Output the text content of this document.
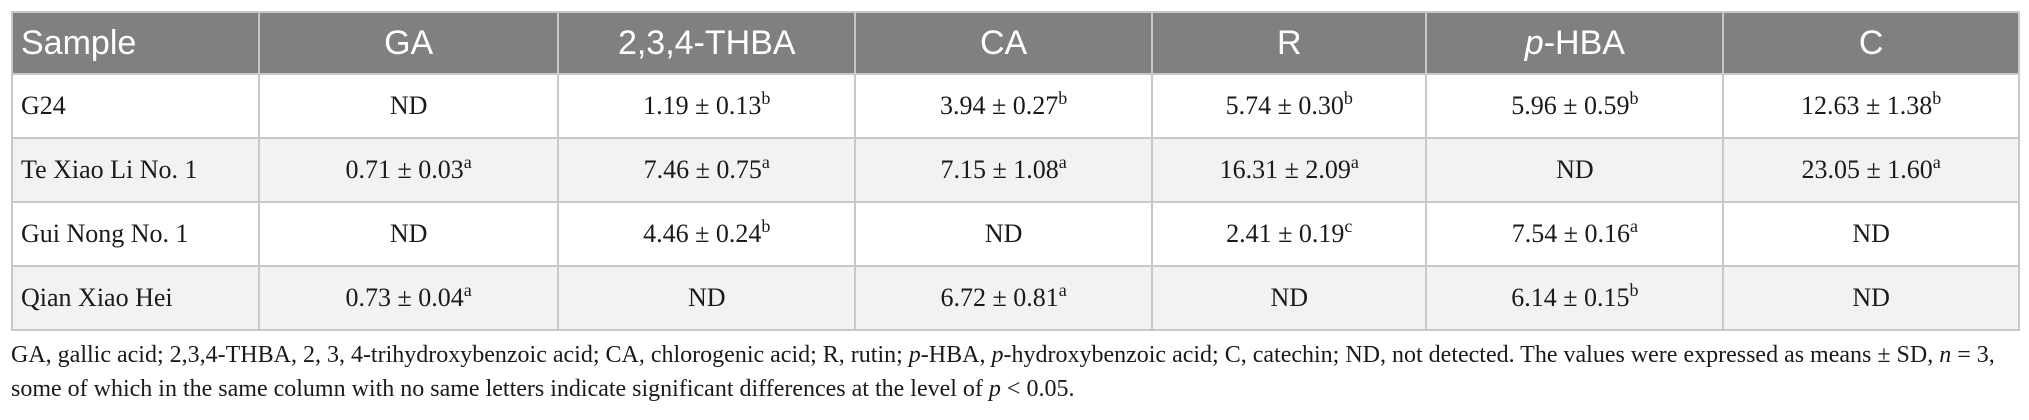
Sample	GA	2,3,4-THBA	CA	R	p-HBA	C
G24	ND	1.19 ± 0.13$^b$	3.94 ± 0.27$^b$	5.74 ± 0.30$^b$	5.96 ± 0.59$^b$	12.63 ± 1.38$^b$
Te Xiao Li No. 1	0.71 ± 0.03$^a$	7.46 ± 0.75$^a$	7.15 ± 1.08$^a$	16.31 ± 2.09$^a$	ND	23.05 ± 1.60$^a$
Gui Nong No. 1	ND	4.46 ± 0.24$^b$	ND	2.41 ± 0.19$^c$	7.54 ± 0.16$^a$	ND
Qian Xiao Hei	0.73 ± 0.04$^a$	ND	6.72 ± 0.81$^a$	ND	6.14 ± 0.15$^b$	ND
GA, gallic acid; 2,3,4-THBA, 2, 3, 4-trihydroxybenzoic acid; CA, chlorogenic acid; R, rutin; p-HBA, p-hydroxybenzoic acid; C, catechin; ND, not detected. The values were expressed as means ± SD, n = 3, some of which in the same column with no same letters indicate significant differences at the level of p < 0.05.
